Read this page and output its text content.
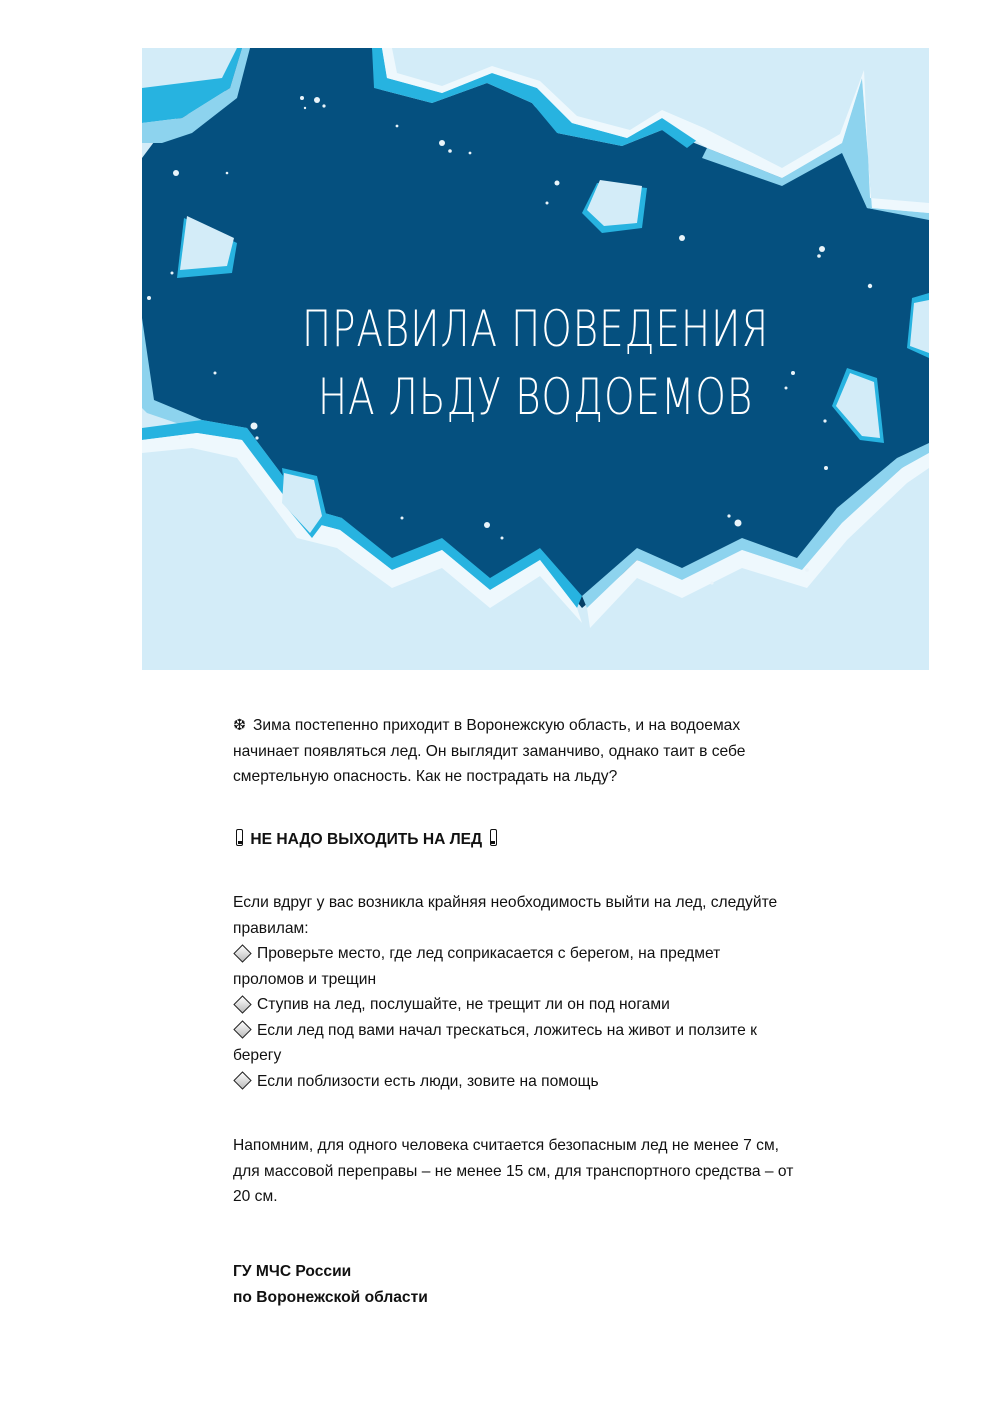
ПРАВИЛА ПОВЕДЕНИЯ
НА ЛЬДУ ВОДОЕМОВ

❆ Зима постепенно приходит в Воронежскую область, и на водоемах

начинает появляться лед. Он выглядит заманчиво, однако таит в себе

смертельную опасность. Как не пострадать на льду?

НЕ НАДО ВЫХОДИТЬ НА ЛЕД

Если вдруг у вас возникла крайняя необходимость выйти на лед, следуйте

правилам:

Проверьте место, где лед соприкасается с берегом, на предмет

проломов и трещин

Ступив на лед, послушайте, не трещит ли он под ногами

Если лед под вами начал трескаться, ложитесь на живот и ползите к

берегу

Если поблизости есть люди, зовите на помощь

Напомним, для одного человека считается безопасным лед не менее 7 см,

для массовой переправы – не менее 15 см, для транспортного средства – от

20 см.

ГУ МЧС России

по Воронежской области
